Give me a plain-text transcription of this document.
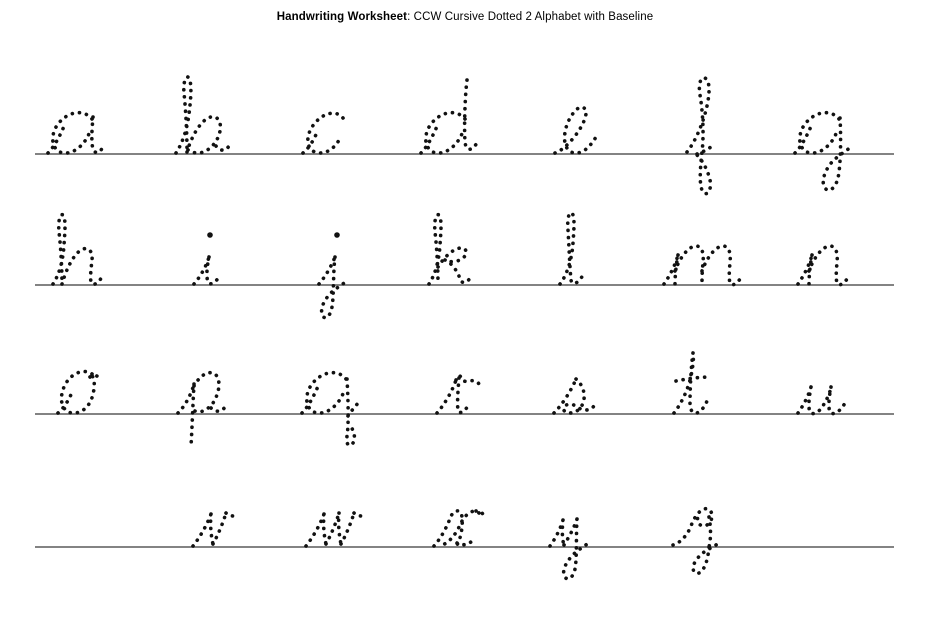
Handwriting Worksheet: CCW Cursive Dotted 2 Alphabet with Baseline
